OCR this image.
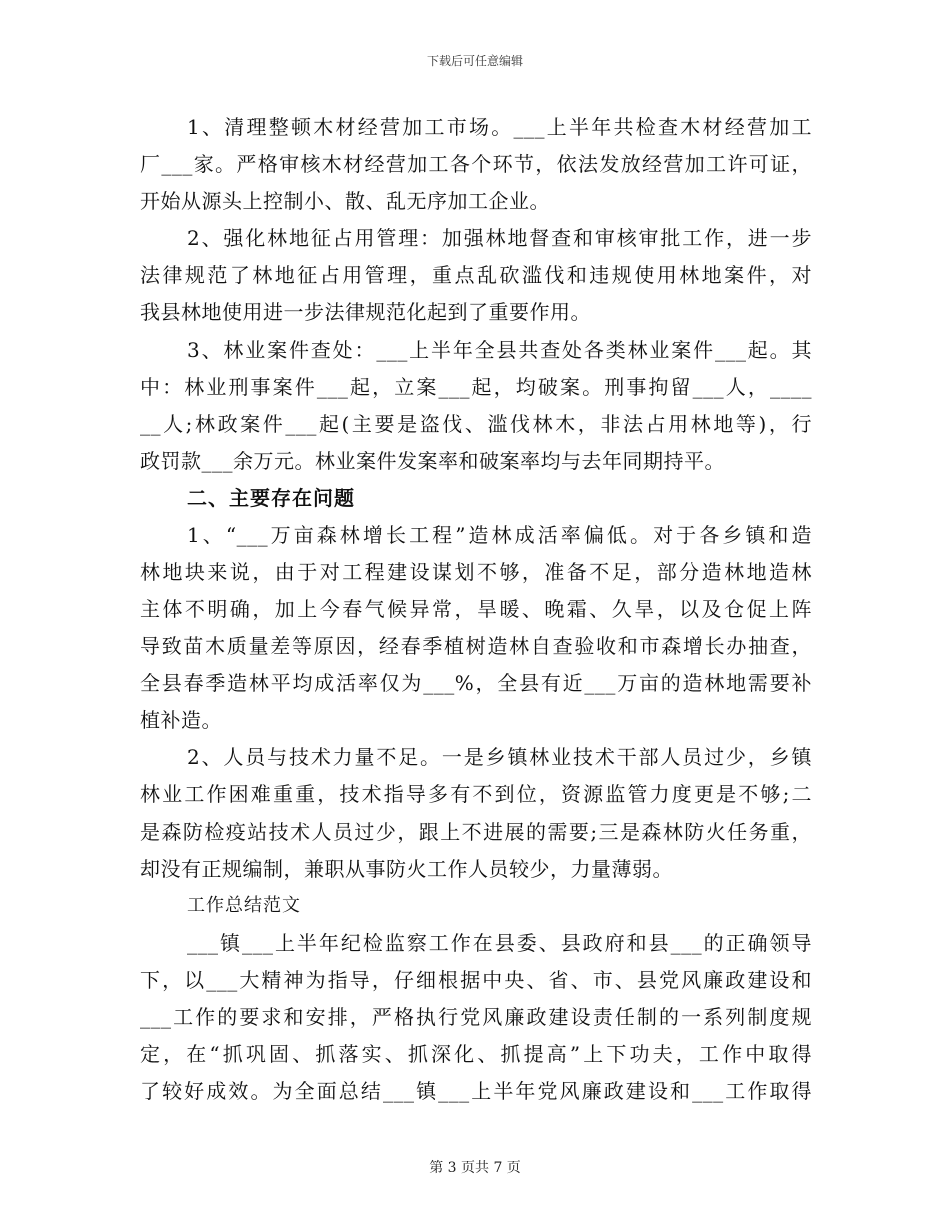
下载后可任意编辑
1、清理整顿木材经营加工市场。___上半年共检查木材经营加工
厂___家。严格审核木材经营加工各个环节，依法发放经营加工许可证，
开始从源头上控制小、散、乱无序加工企业。
2、强化林地征占用管理：加强林地督查和审核审批工作，进一步
法律规范了林地征占用管理，重点乱砍滥伐和违规使用林地案件，对
我县林地使用进一步法律规范化起到了重要作用。
3、林业案件查处：___上半年全县共查处各类林业案件___起。其
中：林业刑事案件___起，立案___起，均破案。刑事拘留___人，____
__人;林政案件___起(主要是盗伐、滥伐林木，非法占用林地等)，行
政罚款___余万元。林业案件发案率和破案率均与去年同期持平。
二、主要存在问题
1、“___万亩森林增长工程”造林成活率偏低。对于各乡镇和造
林地块来说，由于对工程建设谋划不够，准备不足，部分造林地造林
主体不明确，加上今春气候异常，旱暖、晚霜、久旱，以及仓促上阵
导致苗木质量差等原因，经春季植树造林自查验收和市森增长办抽查，
全县春季造林平均成活率仅为___%，全县有近___万亩的造林地需要补
植补造。
2、人员与技术力量不足。一是乡镇林业技术干部人员过少，乡镇
林业工作困难重重，技术指导多有不到位，资源监管力度更是不够;二
是森防检疫站技术人员过少，跟上不进展的需要;三是森林防火任务重，
却没有正规编制，兼职从事防火工作人员较少，力量薄弱。
工作总结范文
___镇___上半年纪检监察工作在县委、县政府和县___的正确领导
下，以___大精神为指导，仔细根据中央、省、市、县党风廉政建设和
___工作的要求和安排，严格执行党风廉政建设责任制的一系列制度规
定，在“抓巩固、抓落实、抓深化、抓提高”上下功夫，工作中取得
了较好成效。为全面总结___镇___上半年党风廉政建设和___工作取得
第 3 页共 7 页
